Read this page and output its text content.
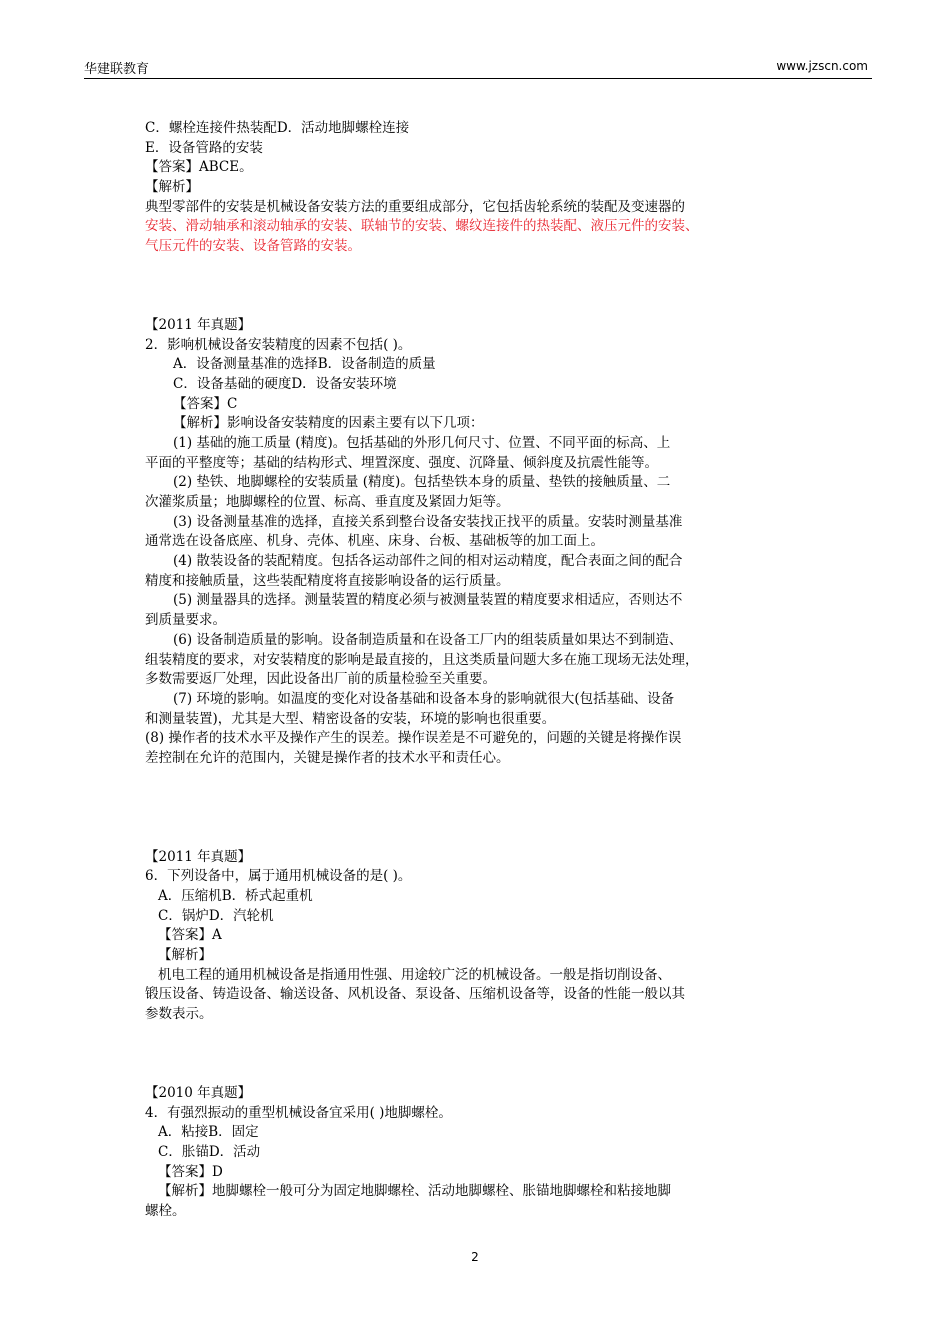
华建联教育	www.jzscn.com
C．螺栓连接件热装配D．活动地脚螺栓连接
E．设备管路的安装
【答案】ABCE。
【解析】
典型零部件的安装是机械设备安装方法的重要组成部分，它包括齿轮系统的装配及变速器的
安装、滑动轴承和滚动轴承的安装、联轴节的安装、螺纹连接件的热装配、液压元件的安装、
气压元件的安装、设备管路的安装。
【2011 年真题】
2．影响机械设备安装精度的因素不包括( )。
A．设备测量基准的选择B．设备制造的质量
C．设备基础的硬度D．设备安装环境
【答案】C
【解析】影响设备安装精度的因素主要有以下几项：
(1) 基础的施工质量 (精度)。包括基础的外形几何尺寸、位置、不同平面的标高、上
平面的平整度等；基础的结构形式、埋置深度、强度、沉降量、倾斜度及抗震性能等。
(2) 垫铁、地脚螺栓的安装质量 (精度)。包括垫铁本身的质量、垫铁的接触质量、二
次灌浆质量；地脚螺栓的位置、标高、垂直度及紧固力矩等。
(3) 设备测量基准的选择，直接关系到整台设备安装找正找平的质量。安装时测量基准
通常选在设备底座、机身、壳体、机座、床身、台板、基础板等的加工面上。
(4) 散装设备的装配精度。包括各运动部件之间的相对运动精度，配合表面之间的配合
精度和接触质量，这些装配精度将直接影响设备的运行质量。
(5) 测量器具的选择。测量装置的精度必须与被测量装置的精度要求相适应，否则达不
到质量要求。
(6) 设备制造质量的影响。设备制造质量和在设备工厂内的组装质量如果达不到制造、
组装精度的要求，对安装精度的影响是最直接的，且这类质量问题大多在施工现场无法处理，
多数需要返厂处理，因此设备出厂前的质量检验至关重要。
(7) 环境的影响。如温度的变化对设备基础和设备本身的影响就很大(包括基础、设备
和测量装置)，尤其是大型、精密设备的安装，环境的影响也很重要。
(8) 操作者的技术水平及操作产生的误差。操作误差是不可避免的，问题的关键是将操作误
差控制在允许的范围内，关键是操作者的技术水平和责任心。
【2011 年真题】
6．下列设备中，属于通用机械设备的是( )。
A．压缩机B．桥式起重机
C．锅炉D．汽轮机
【答案】A
【解析】
机电工程的通用机械设备是指通用性强、用途较广泛的机械设备。一般是指切削设备、
锻压设备、铸造设备、输送设备、风机设备、泵设备、压缩机设备等，设备的性能一般以其
参数表示。
【2010 年真题】
4．有强烈振动的重型机械设备宜采用( )地脚螺栓。
A．粘接B．固定
C．胀锚D．活动
【答案】D
【解析】地脚螺栓一般可分为固定地脚螺栓、活动地脚螺栓、胀锚地脚螺栓和粘接地脚
螺栓。
2
